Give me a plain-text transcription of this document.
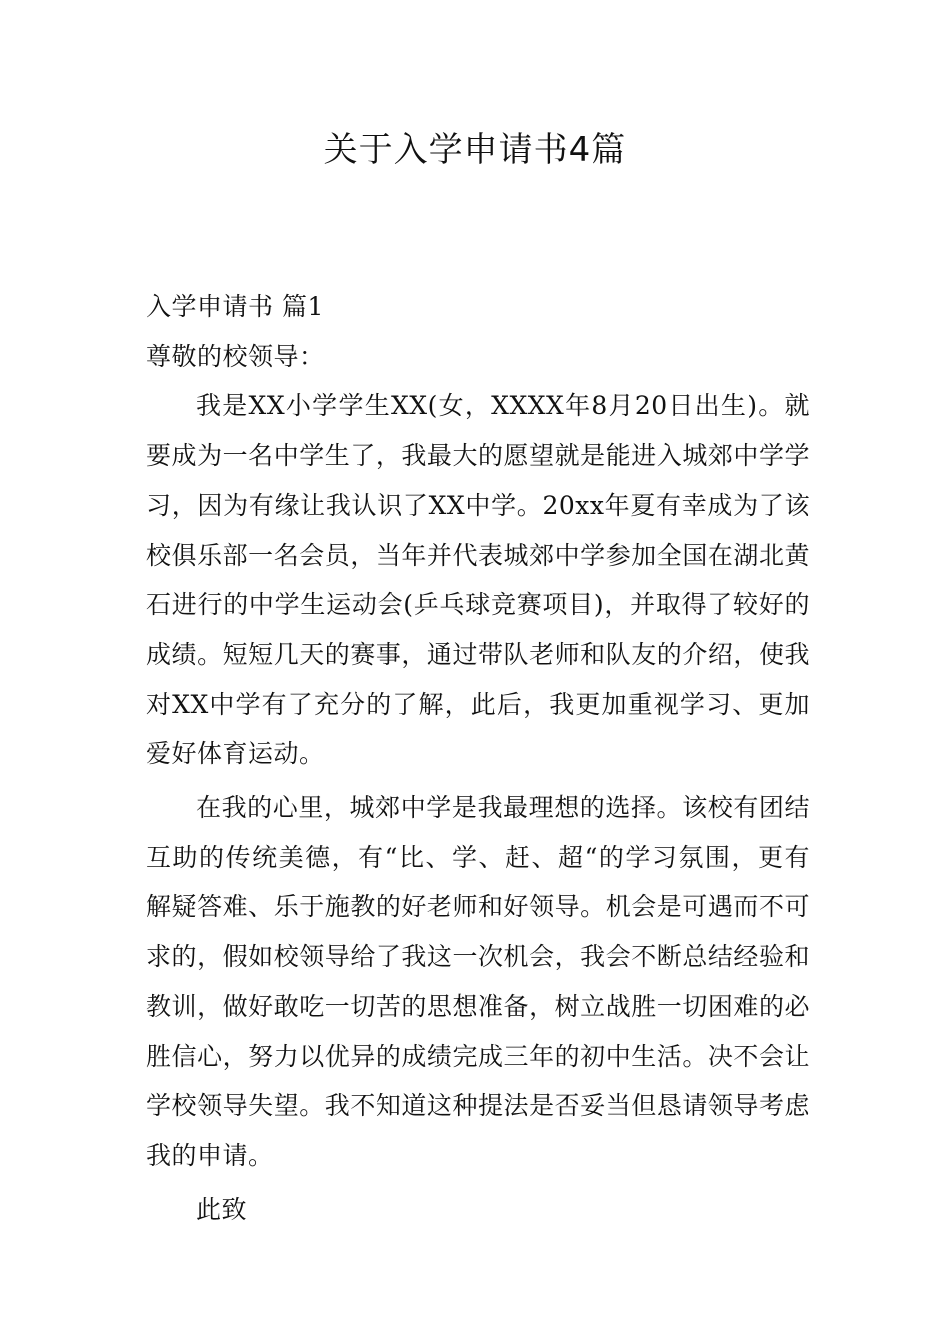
关于入学申请书4篇

入学申请书 篇1

尊敬的校领导：

我是XX小学学生XX(女，XXXX年8月20日出生)。就要成为一名中学生了，我最大的愿望就是能进入城郊中学学习，因为有缘让我认识了XX中学。20xx年夏有幸成为了该校俱乐部一名会员，当年并代表城郊中学参加全国在湖北黄石进行的中学生运动会(乒乓球竞赛项目)，并取得了较好的成绩。短短几天的赛事，通过带队老师和队友的介绍，使我对XX中学有了充分的了解，此后，我更加重视学习、更加爱好体育运动。

在我的心里，城郊中学是我最理想的选择。该校有团结互助的传统美德，有“比、学、赶、超“的学习氛围，更有解疑答难、乐于施教的好老师和好领导。机会是可遇而不可求的，假如校领导给了我这一次机会，我会不断总结经验和教训，做好敢吃一切苦的思想准备，树立战胜一切困难的必胜信心，努力以优异的成绩完成三年的初中生活。决不会让学校领导失望。我不知道这种提法是否妥当但恳请领导考虑我的申请。

此致
